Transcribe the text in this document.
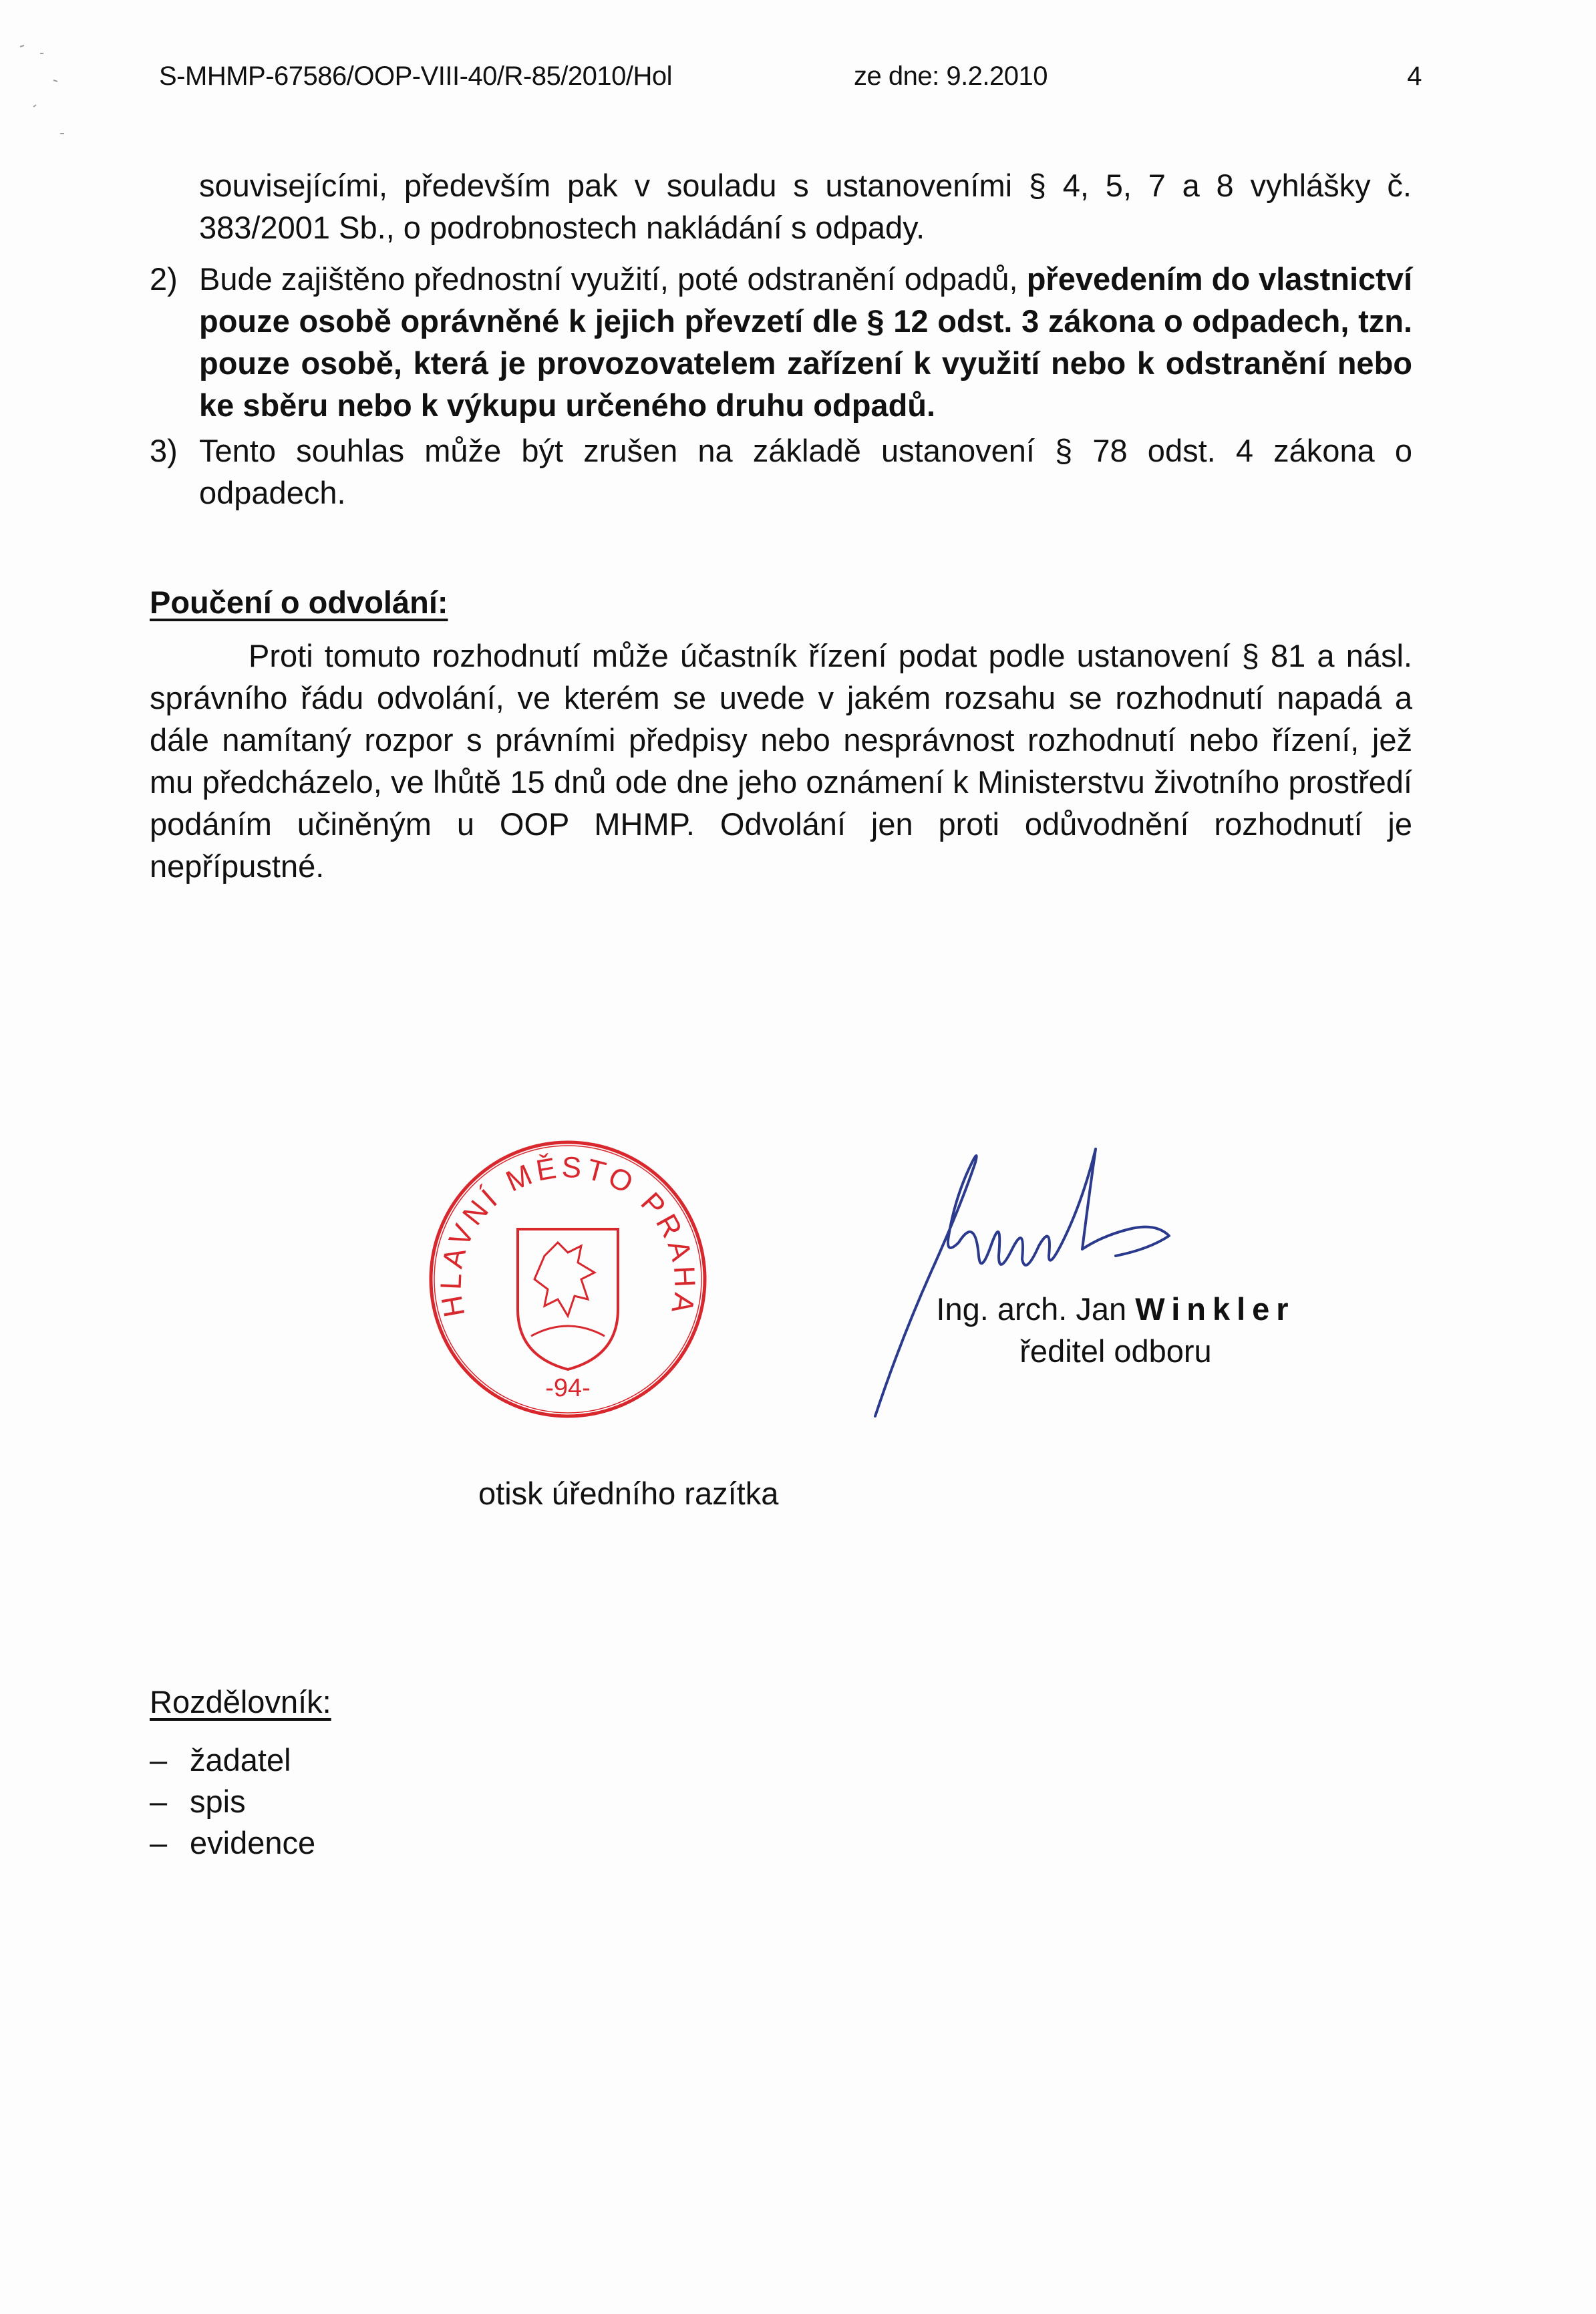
S-MHMP-67586/OOP-VIII-40/R-85/2010/Hol	ze dne: 9.2.2010	4
souvisejícími, především pak v souladu s ustanoveními § 4, 5, 7 a 8 vyhlášky č. 383/2001 Sb., o podrobnostech nakládání s odpady.
2) Bude zajištěno přednostní využití, poté odstranění odpadů, převedením do vlastnictví pouze osobě oprávněné k jejich převzetí dle § 12 odst. 3 zákona o odpadech, tzn. pouze osobě, která je provozovatelem zařízení k využití nebo k odstranění nebo ke sběru nebo k výkupu určeného druhu odpadů.
3) Tento souhlas může být zrušen na základě ustanovení § 78 odst. 4 zákona o odpadech.
Poučení o odvolání:
Proti tomuto rozhodnutí může účastník řízení podat podle ustanovení § 81 a násl. správního řádu odvolání, ve kterém se uvede v jakém rozsahu se rozhodnutí napadá a dále namítaný rozpor s právními předpisy nebo nesprávnost rozhodnutí nebo řízení, jež mu předcházelo, ve lhůtě 15 dnů ode dne jeho oznámení k Ministerstvu životního prostředí podáním učiněným u OOP MHMP. Odvolání jen proti odůvodnění rozhodnutí je nepřípustné.
HLAVNÍ MĚSTO PRAHA
-94-
Ing. arch. Jan Winkler
ředitel odboru
otisk úředního razítka
Rozdělovník:
– žadatel
– spis
– evidence
